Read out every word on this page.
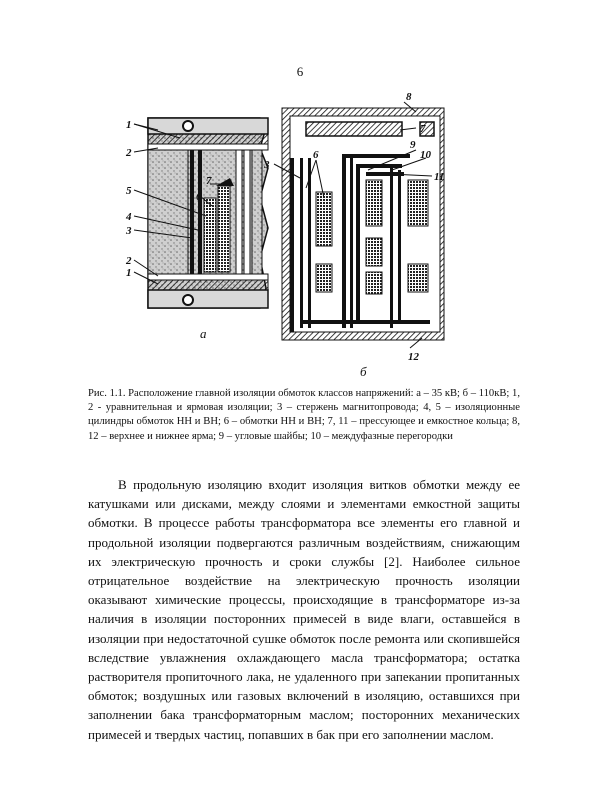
6
1
2
5
4
3
6
7
2
1
8
7
3
6
9
10
11
12
а
б
Рис. 1.1. Расположение главной изоляции обмоток классов напряжений: а – 35 кВ; б – 110кВ; 1, 2 - уравнительная и ярмовая изоляции; 3 – стержень магнитопровода; 4, 5 – изоляционные цилиндры обмоток НН и ВН; 6 – обмотки НН и ВН; 7, 11 – прессующее и емкостное кольца; 8, 12 – верхнее и нижнее ярма; 9 – угловые шайбы; 10 – междуфазные перегородки
В продольную изоляцию входит изоляция витков обмотки между ее катушками или дисками, между слоями и элементами емкостной защиты обмотки. В процессе работы трансформатора все элементы его главной и продольной изоляции подвергаются различным воздействиям, снижающим их электрическую прочность и сроки службы [2]. Наиболее сильное отрицательное воздействие на электрическую прочность изоляции оказывают химические процессы, происходящие в трансформаторе из-за наличия в изоляции посторонних примесей в виде влаги, оставшейся в изоляции при недостаточной сушке обмоток после ремонта или скопившейся вследствие увлажнения охлаждающего масла трансформатора; остатка растворителя пропиточного лака, не удаленного при запекании пропитанных обмоток; воздушных или газовых включений в изоляцию, оставшихся при заполнении бака трансформаторным маслом; посторонних механических примесей и твердых частиц, попавших в бак при его заполнении маслом.
